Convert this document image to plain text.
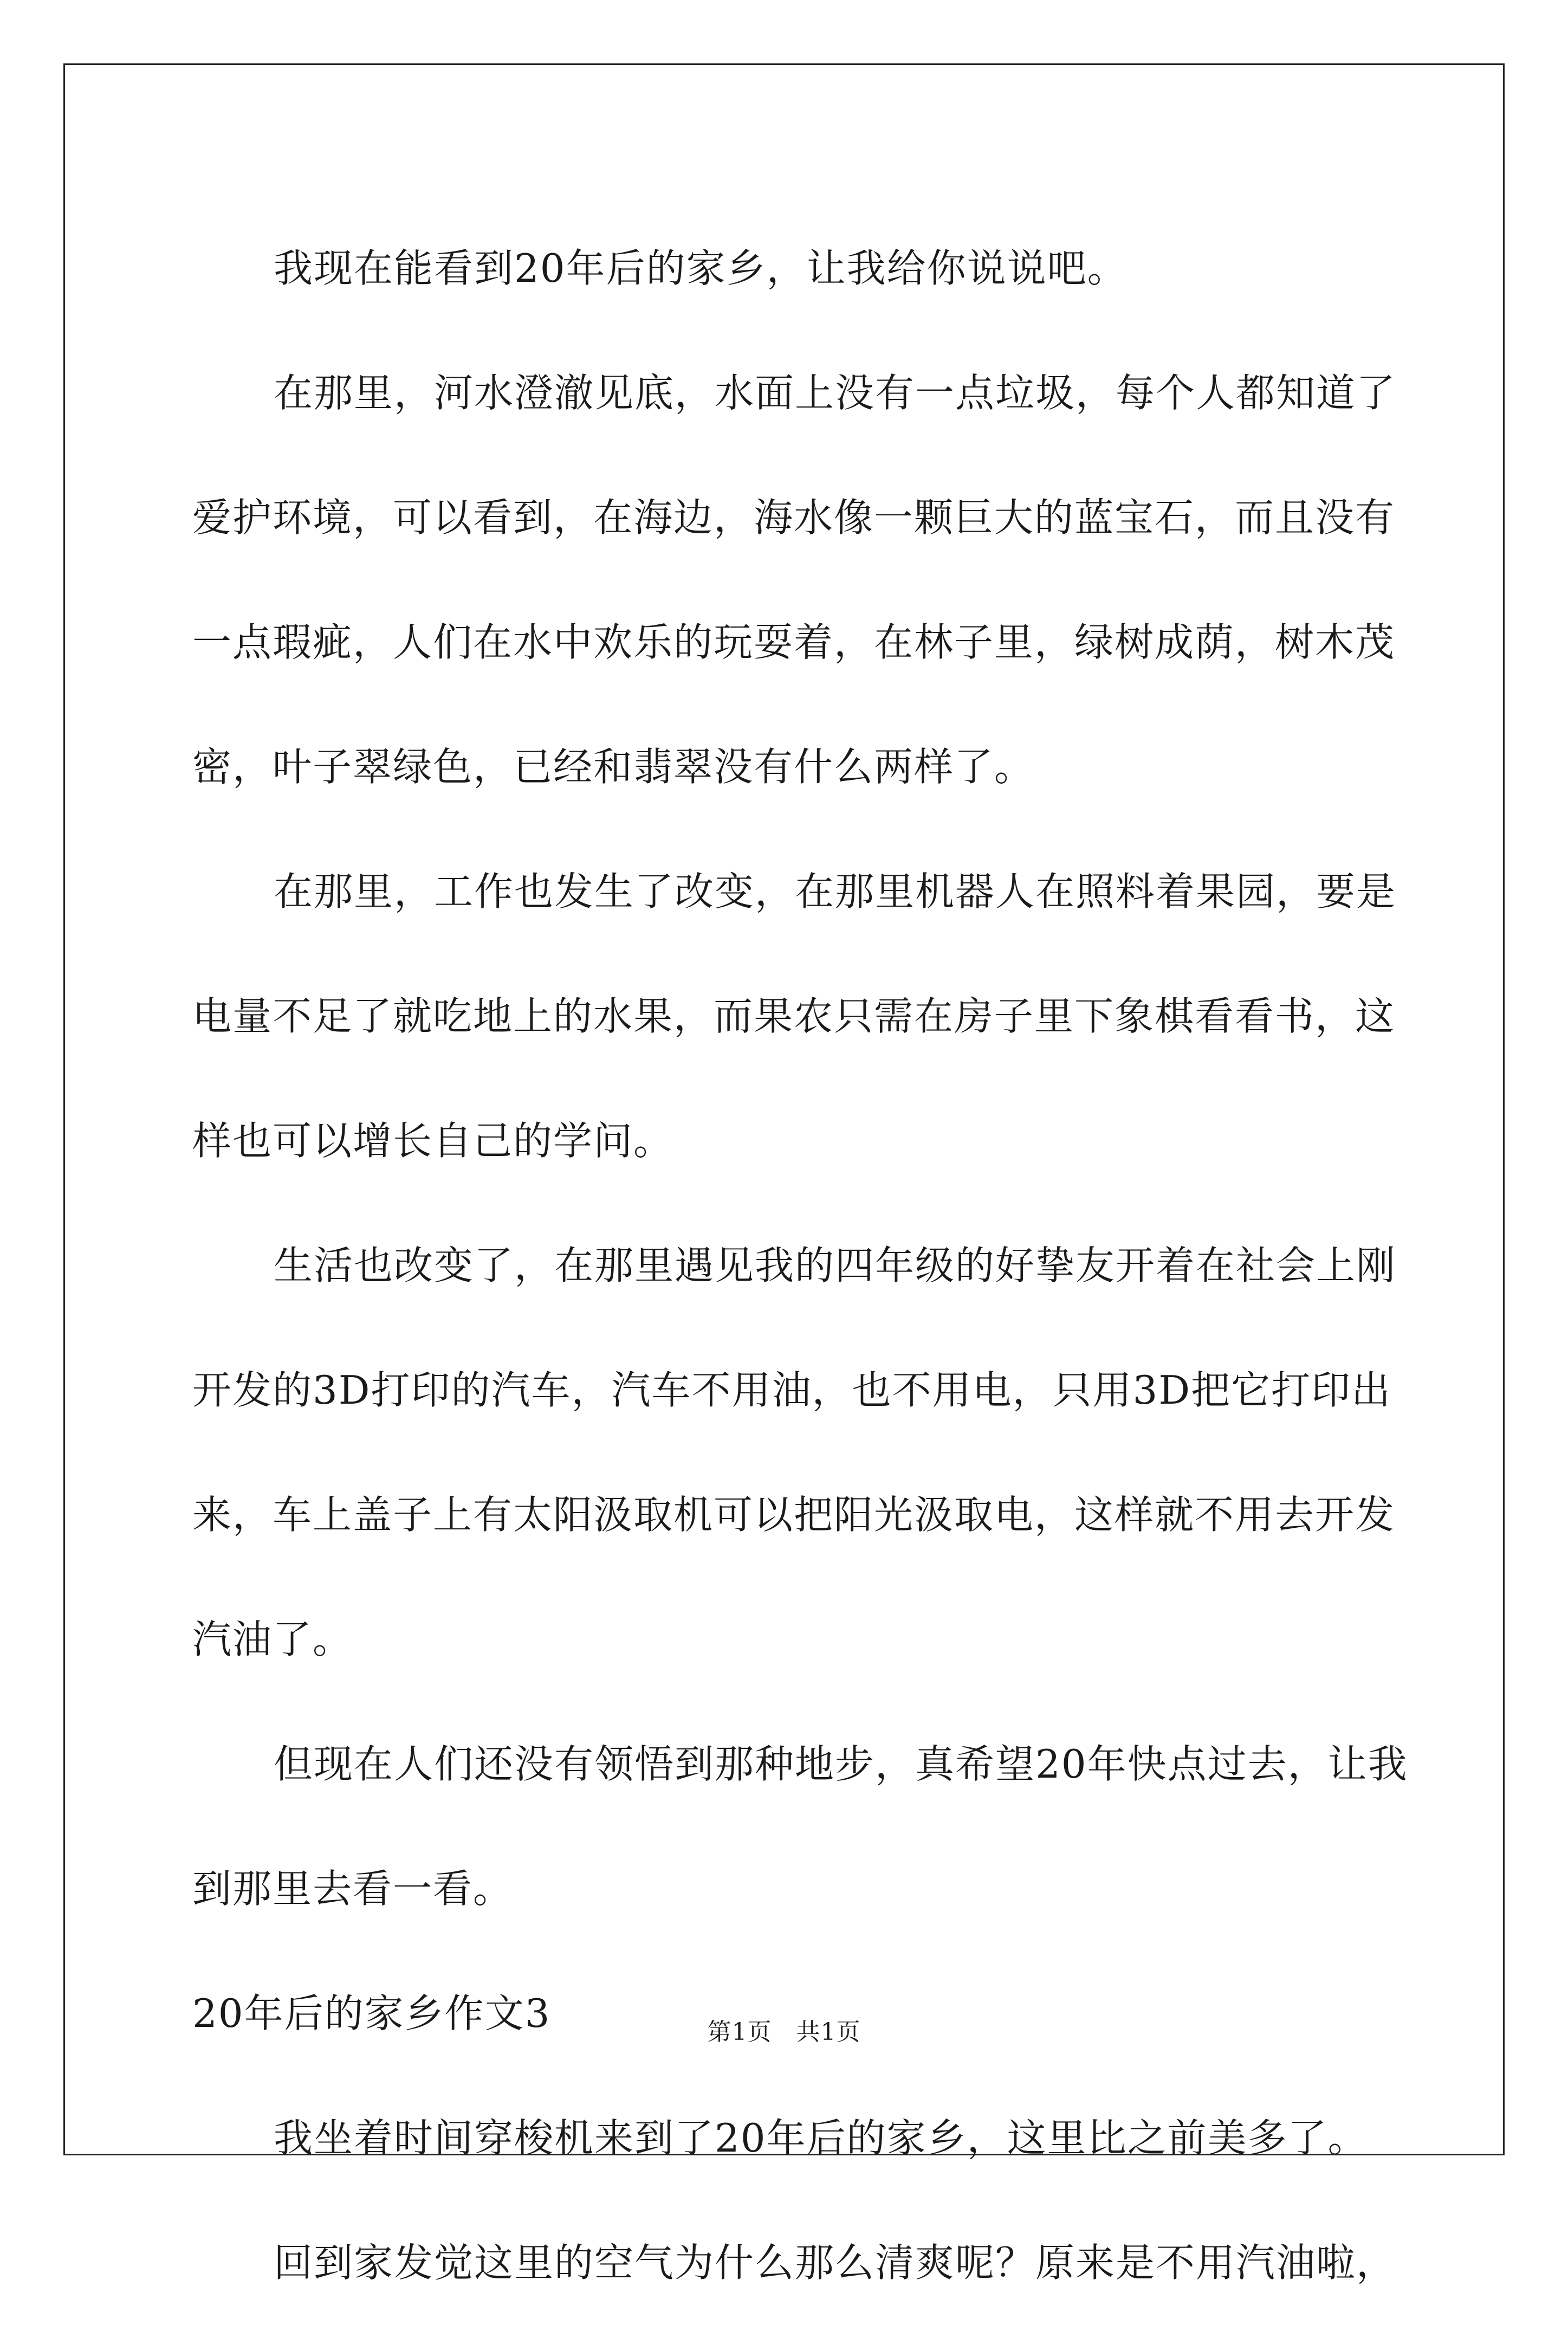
我现在能看到20年后的家乡，让我给你说说吧。
在那里，河水澄澈见底，水面上没有一点垃圾，每个人都知道了
爱护环境，可以看到，在海边，海水像一颗巨大的蓝宝石，而且没有
一点瑕疵，人们在水中欢乐的玩耍着，在林子里，绿树成荫，树木茂
密，叶子翠绿色，已经和翡翠没有什么两样了。
在那里，工作也发生了改变，在那里机器人在照料着果园，要是
电量不足了就吃地上的水果，而果农只需在房子里下象棋看看书，这
样也可以增长自己的学问。
生活也改变了，在那里遇见我的四年级的好挚友开着在社会上刚
开发的3D打印的汽车，汽车不用油，也不用电，只用3D把它打印出
来，车上盖子上有太阳汲取机可以把阳光汲取电，这样就不用去开发
汽油了。
但现在人们还没有领悟到那种地步，真希望20年快点过去，让我
到那里去看一看。
20年后的家乡作文3
我坐着时间穿梭机来到了20年后的家乡，这里比之前美多了。
回到家发觉这里的空气为什么那么清爽呢？原来是不用汽油啦，
第1页   共1页
